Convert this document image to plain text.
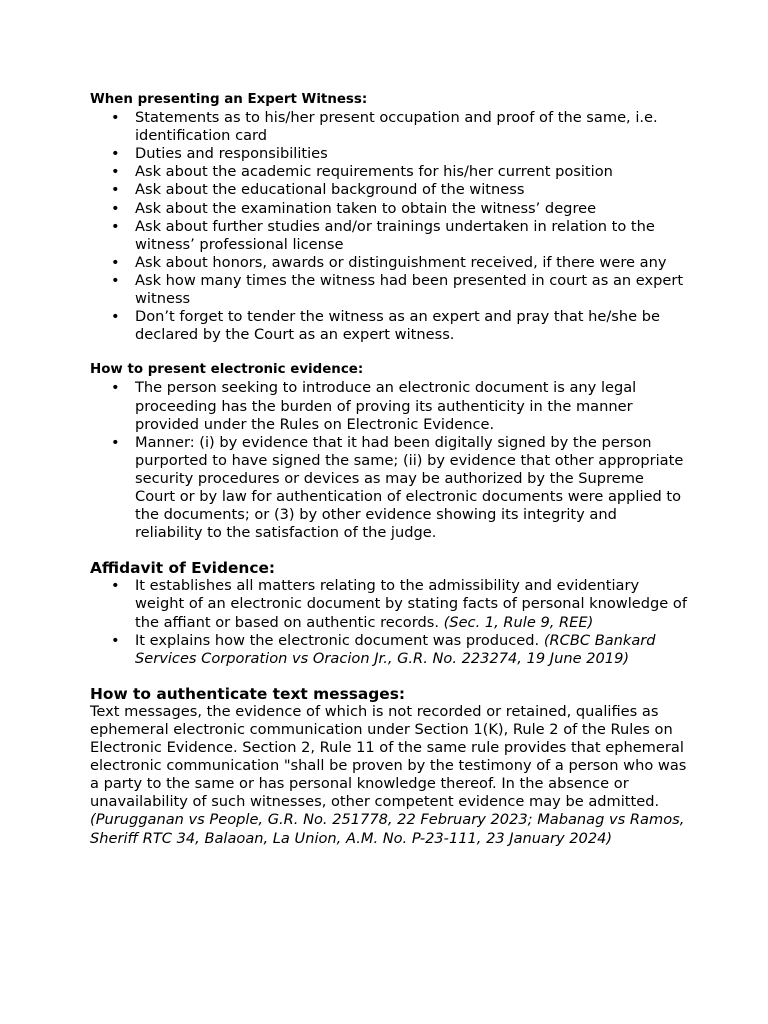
When presenting an Expert Witness:
• Statements as to his/her present occupation and proof of the same, i.e. identification card
• Duties and responsibilities
• Ask about the academic requirements for his/her current position
• Ask about the educational background of the witness
• Ask about the examination taken to obtain the witness’ degree
• Ask about further studies and/or trainings undertaken in relation to the witness’ professional license
• Ask about honors, awards or distinguishment received, if there were any
• Ask how many times the witness had been presented in court as an expert witness
• Don’t forget to tender the witness as an expert and pray that he/she be declared by the Court as an expert witness.
How to present electronic evidence:
• The person seeking to introduce an electronic document is any legal proceeding has the burden of proving its authenticity in the manner provided under the Rules on Electronic Evidence.
• Manner: (i) by evidence that it had been digitally signed by the person purported to have signed the same; (ii) by evidence that other appropriate security procedures or devices as may be authorized by the Supreme Court or by law for authentication of electronic documents were applied to the documents; or (3) by other evidence showing its integrity and reliability to the satisfaction of the judge.
Affidavit of Evidence:
• It establishes all matters relating to the admissibility and evidentiary weight of an electronic document by stating facts of personal knowledge of the affiant or based on authentic records. (Sec. 1, Rule 9, REE)
• It explains how the electronic document was produced. (RCBC Bankard Services Corporation vs Oracion Jr., G.R. No. 223274, 19 June 2019)
How to authenticate text messages:

Text messages, the evidence of which is not recorded or retained, qualifies as ephemeral electronic communication under Section 1(K), Rule 2 of the Rules on Electronic Evidence. Section 2, Rule 11 of the same rule provides that ephemeral electronic communication "shall be proven by the testimony of a person who was a party to the same or has personal knowledge thereof. In the absence or unavailability of such witnesses, other competent evidence may be admitted. (Purugganan vs People, G.R. No. 251778, 22 February 2023; Mabanag vs Ramos, Sheriff RTC 34, Balaoan, La Union, A.M. No. P-23-111, 23 January 2024)
